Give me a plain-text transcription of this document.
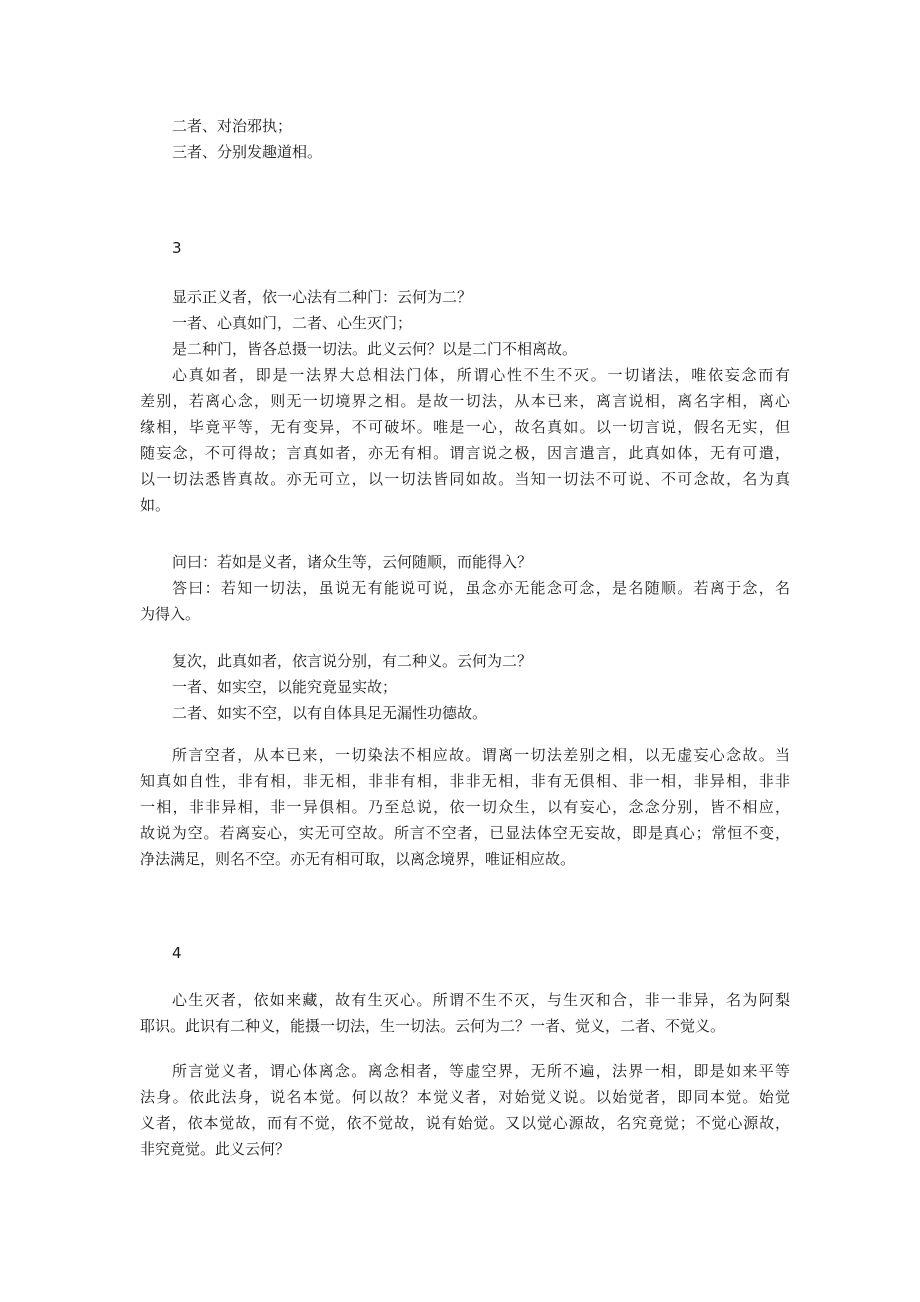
二者、对治邪执；
三者、分别发趣道相。

3

显示正义者，依一心法有二种门：云何为二？
一者、心真如门，二者、心生灭门；
是二种门，皆各总摄一切法。此义云何？以是二门不相离故。
心真如者，即是一法界大总相法门体，所谓心性不生不灭。一切诸法，唯依妄念而有
差别，若离心念，则无一切境界之相。是故一切法，从本已来，离言说相，离名字相，离心
缘相，毕竟平等，无有变异，不可破坏。唯是一心，故名真如。以一切言说，假名无实，但
随妄念，不可得故；言真如者，亦无有相。谓言说之极，因言遣言，此真如体，无有可遣，
以一切法悉皆真故。亦无可立，以一切法皆同如故。当知一切法不可说、不可念故，名为真
如。
问曰：若如是义者，诸众生等，云何随顺，而能得入？
答曰：若知一切法，虽说无有能说可说，虽念亦无能念可念，是名随顺。若离于念，名
为得入。
复次，此真如者，依言说分别，有二种义。云何为二？
一者、如实空，以能究竟显实故；
二者、如实不空，以有自体具足无漏性功德故。
所言空者，从本已来，一切染法不相应故。谓离一切法差别之相，以无虚妄心念故。当
知真如自性，非有相，非无相，非非有相，非非无相，非有无俱相、非一相，非异相，非非
一相，非非异相，非一异俱相。乃至总说，依一切众生，以有妄心，念念分别，皆不相应，
故说为空。若离妄心，实无可空故。所言不空者，已显法体空无妄故，即是真心；常恒不变，
净法满足，则名不空。亦无有相可取，以离念境界，唯证相应故。

4

心生灭者，依如来藏，故有生灭心。所谓不生不灭，与生灭和合，非一非异，名为阿梨
耶识。此识有二种义，能摄一切法，生一切法。云何为二？一者、觉义，二者、不觉义。
所言觉义者，谓心体离念。离念相者，等虚空界，无所不遍，法界一相，即是如来平等
法身。依此法身，说名本觉。何以故？本觉义者，对始觉义说。以始觉者，即同本觉。始觉
义者，依本觉故，而有不觉，依不觉故，说有始觉。又以觉心源故，名究竟觉；不觉心源故，
非究竟觉。此义云何？
